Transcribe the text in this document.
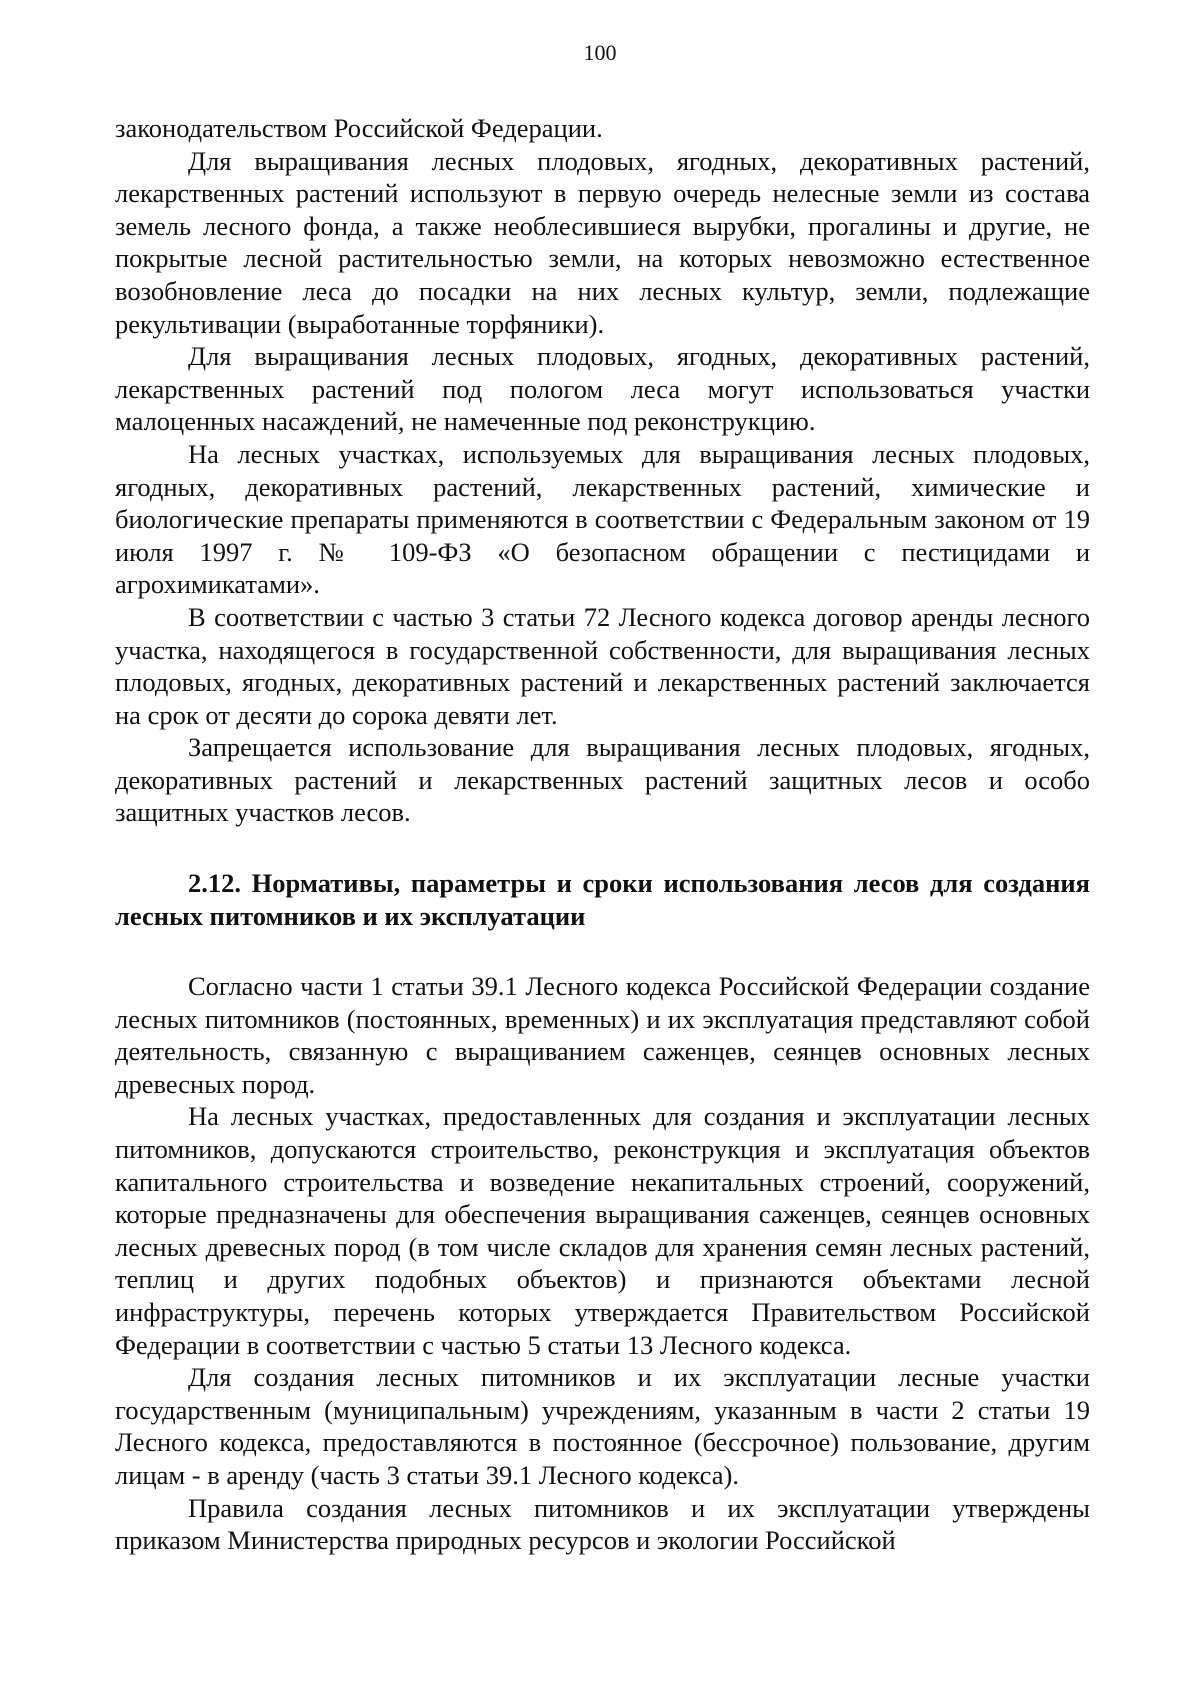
100

законодательством Российской Федерации.

Для выращивания лесных плодовых, ягодных, декоративных растений, лекарственных растений используют в первую очередь нелесные земли из состава земель лесного фонда, а также необлесившиеся вырубки, прогалины и другие, не покрытые лесной растительностью земли, на которых невозможно естественное возобновление леса до посадки на них лесных культур, земли, подлежащие рекультивации (выработанные торфяники).

Для выращивания лесных плодовых, ягодных, декоративных растений, лекарственных растений под пологом леса могут использоваться участки малоценных насаждений, не намеченные под реконструкцию.

На лесных участках, используемых для выращивания лесных плодовых, ягодных, декоративных растений, лекарственных растений, химические и биологические препараты применяются в соответствии с Федеральным законом от 19 июля 1997 г. № 109-ФЗ «О безопасном обращении с пестицидами и агрохимикатами».

В соответствии с частью 3 статьи 72 Лесного кодекса договор аренды лесного участка, находящегося в государственной собственности, для выращивания лесных плодовых, ягодных, декоративных растений и лекарственных растений заключается на срок от десяти до сорока девяти лет.

Запрещается использование для выращивания лесных плодовых, ягодных, декоративных растений и лекарственных растений защитных лесов и особо защитных участков лесов.

2.12. Нормативы, параметры и сроки использования лесов для создания лесных питомников и их эксплуатации

Согласно части 1 статьи 39.1 Лесного кодекса Российской Федерации создание лесных питомников (постоянных, временных) и их эксплуатация представляют собой деятельность, связанную с выращиванием саженцев, сеянцев основных лесных древесных пород.

На лесных участках, предоставленных для создания и эксплуатации лесных питомников, допускаются строительство, реконструкция и эксплуатация объектов капитального строительства и возведение некапитальных строений, сооружений, которые предназначены для обеспечения выращивания саженцев, сеянцев основных лесных древесных пород (в том числе складов для хранения семян лесных растений, теплиц и других подобных объектов) и признаются объектами лесной инфраструктуры, перечень которых утверждается Правительством Российской Федерации в соответствии с частью 5 статьи 13 Лесного кодекса.

Для создания лесных питомников и их эксплуатации лесные участки государственным (муниципальным) учреждениям, указанным в части 2 статьи 19 Лесного кодекса, предоставляются в постоянное (бессрочное) пользование, другим лицам - в аренду (часть 3 статьи 39.1 Лесного кодекса).

Правила создания лесных питомников и их эксплуатации утверждены приказом Министерства природных ресурсов и экологии Российской
